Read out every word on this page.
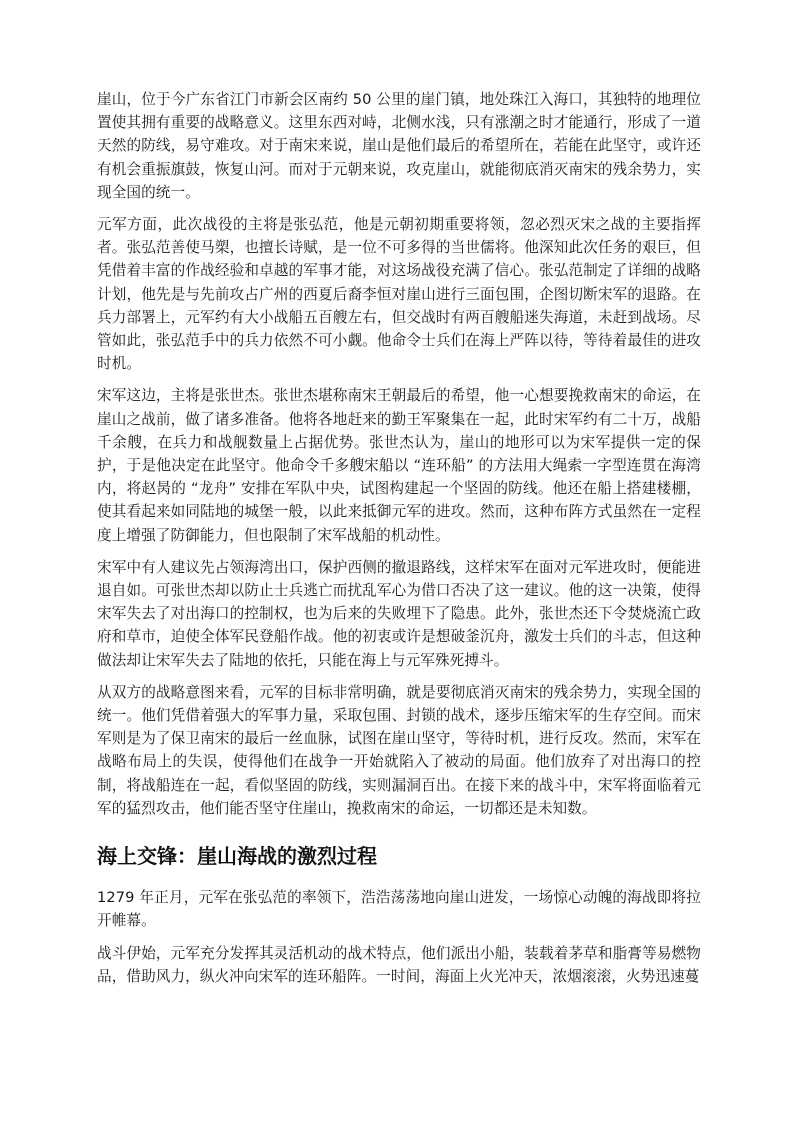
崖山，位于今广东省江门市新会区南约 50 公里的崖门镇，地处珠江入海口，其独特的地理位置使其拥有重要的战略意义。这里东西对峙，北侧水浅，只有涨潮之时才能通行，形成了一道天然的防线，易守难攻。对于南宋来说，崖山是他们最后的希望所在，若能在此坚守，或许还有机会重振旗鼓，恢复山河。而对于元朝来说，攻克崖山，就能彻底消灭南宋的残余势力，实现全国的统一。

元军方面，此次战役的主将是张弘范，他是元朝初期重要将领，忽必烈灭宋之战的主要指挥者。张弘范善使马槊，也擅长诗赋，是一位不可多得的当世儒将。他深知此次任务的艰巨，但凭借着丰富的作战经验和卓越的军事才能，对这场战役充满了信心。张弘范制定了详细的战略计划，他先是与先前攻占广州的西夏后裔李恒对崖山进行三面包围，企图切断宋军的退路。在兵力部署上，元军约有大小战船五百艘左右，但交战时有两百艘船迷失海道，未赶到战场。尽管如此，张弘范手中的兵力依然不可小觑。他命令士兵们在海上严阵以待，等待着最佳的进攻时机。

宋军这边，主将是张世杰。张世杰堪称南宋王朝最后的希望，他一心想要挽救南宋的命运，在崖山之战前，做了诸多准备。他将各地赶来的勤王军聚集在一起，此时宋军约有二十万，战船千余艘，在兵力和战舰数量上占据优势。张世杰认为，崖山的地形可以为宋军提供一定的保护，于是他决定在此坚守。他命令千多艘宋船以 “连环船” 的方法用大绳索一字型连贯在海湾内，将赵昺的 “龙舟” 安排在军队中央，试图构建起一个坚固的防线。他还在船上搭建楼棚，使其看起来如同陆地的城堡一般，以此来抵御元军的进攻。然而，这种布阵方式虽然在一定程度上增强了防御能力，但也限制了宋军战船的机动性。

宋军中有人建议先占领海湾出口，保护西侧的撤退路线，这样宋军在面对元军进攻时，便能进退自如。可张世杰却以防止士兵逃亡而扰乱军心为借口否决了这一建议。他的这一决策，使得宋军失去了对出海口的控制权，也为后来的失败埋下了隐患。此外，张世杰还下令焚烧流亡政府和草市，迫使全体军民登船作战。他的初衷或许是想破釜沉舟，激发士兵们的斗志，但这种做法却让宋军失去了陆地的依托，只能在海上与元军殊死搏斗。

从双方的战略意图来看，元军的目标非常明确，就是要彻底消灭南宋的残余势力，实现全国的统一。他们凭借着强大的军事力量，采取包围、封锁的战术，逐步压缩宋军的生存空间。而宋军则是为了保卫南宋的最后一丝血脉，试图在崖山坚守，等待时机，进行反攻。然而，宋军在战略布局上的失误，使得他们在战争一开始就陷入了被动的局面。他们放弃了对出海口的控制，将战船连在一起，看似坚固的防线，实则漏洞百出。在接下来的战斗中，宋军将面临着元军的猛烈攻击，他们能否坚守住崖山，挽救南宋的命运，一切都还是未知数。

海上交锋：崖山海战的激烈过程

1279 年正月，元军在张弘范的率领下，浩浩荡荡地向崖山进发，一场惊心动魄的海战即将拉开帷幕。

战斗伊始，元军充分发挥其灵活机动的战术特点，他们派出小船，装载着茅草和脂膏等易燃物品，借助风力，纵火冲向宋军的连环船阵。一时间，海面上火光冲天，浓烟滚滚，火势迅速蔓
